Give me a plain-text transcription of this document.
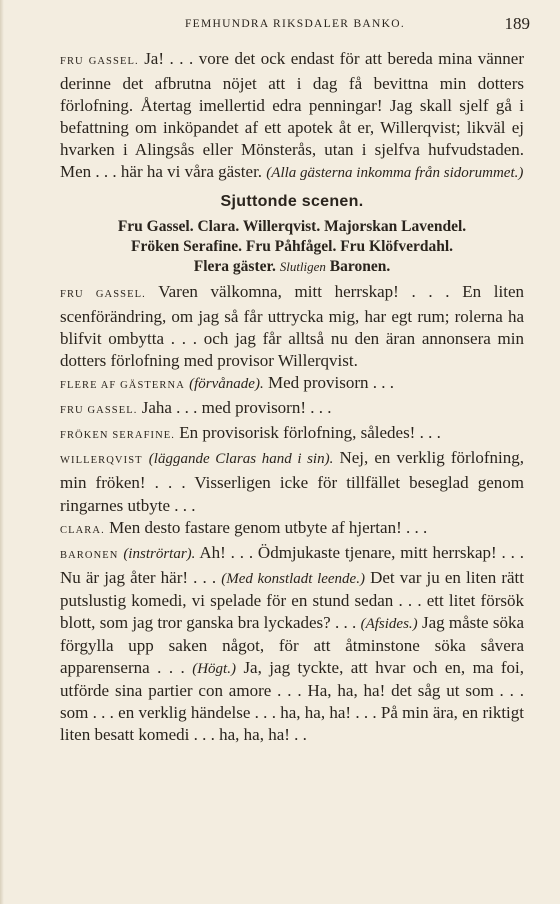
FEMHUNDRA RIKSDALER BANKO.	189

FRU GASSEL. Ja! . . . vore det ock endast för att bereda mina vänner derinne det afbrutna nöjet att i dag få bevittna min dotters förlofning. Återtag imellertid edra penningar! Jag skall sjelf gå i befattning om inköpandet af ett apotek åt er, Willerqvist; likväl ej hvarken i Alingsås eller Mönsterås, utan i sjelfva hufvudstaden. Men . . . här ha vi våra gäster. (Alla gästerna inkomma från sidorummet.)

Sjuttonde scenen.

Fru Gassel. Clara. Willerqvist. Majorskan Lavendel.
Fröken Serafine. Fru Påhfågel. Fru Klöfverdahl.
Flera gäster. Slutligen Baronen.

FRU GASSEL. Varen välkomna, mitt herrskap! . . . En liten scenförändring, om jag så får uttrycka mig, har egt rum; rolerna ha blifvit ombytta . . . och jag får alltså nu den äran annonsera min dotters förlofning med provisor Willerqvist.

FLERE AF GÄSTERNA (förvånade). Med provisorn . . .

FRU GASSEL. Jaha . . . med provisorn! . . .

FRÖKEN SERAFINE. En provisorisk förlofning, således! . . .

WILLERQVIST (läggande Claras hand i sin). Nej, en verklig förlofning, min fröken! . . . Visserligen icke för tillfället beseglad genom ringarnes utbyte . . .

CLARA. Men desto fastare genom utbyte af hjertan! . . .

BARONEN (inströrtar). Ah! . . . Ödmjukaste tjenare, mitt herrskap! . . . Nu är jag åter här! . . . (Med konstladt leende.) Det var ju en liten rätt putslustig komedi, vi spelade för en stund sedan . . . ett litet försök blott, som jag tror ganska bra lyckades? . . . (Afsides.) Jag måste söka förgylla upp saken något, för att åtminstone söka såvera apparenserna . . . (Högt.) Ja, jag tyckte, att hvar och en, ma foi, utförde sina partier con amore . . . Ha, ha, ha! det såg ut som . . . som . . . en verklig händelse . . . ha, ha, ha! . . . På min ära, en riktigt liten besatt komedi . . . ha, ha, ha! . .
